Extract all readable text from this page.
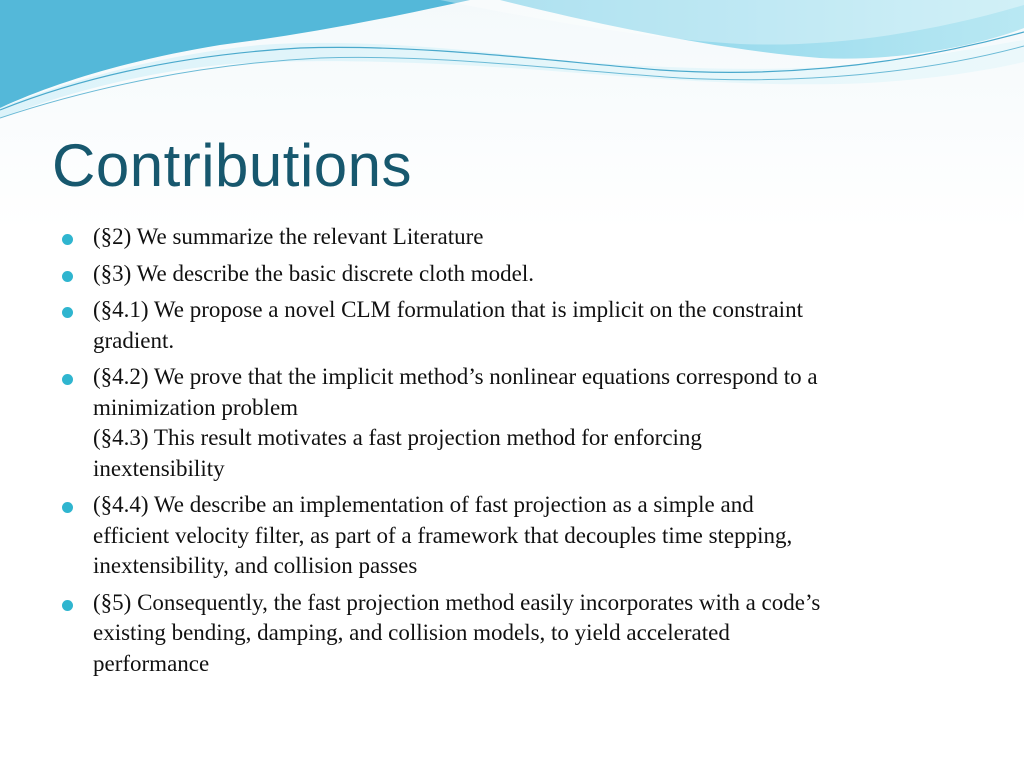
Contributions
(§2) We summarize the relevant Literature
(§3) We describe the basic discrete cloth model.
(§4.1) We propose a novel CLM formulation that is implicit on the constraint
gradient.
(§4.2) We prove that the implicit method’s nonlinear equations correspond to a
minimization problem
(§4.3) This result motivates a fast projection method for enforcing
inextensibility
(§4.4) We describe an implementation of fast projection as a simple and
efficient velocity filter, as part of a framework that decouples time stepping,
inextensibility, and collision passes
(§5) Consequently, the fast projection method easily incorporates with a code’s
existing bending, damping, and collision models, to yield accelerated
performance
